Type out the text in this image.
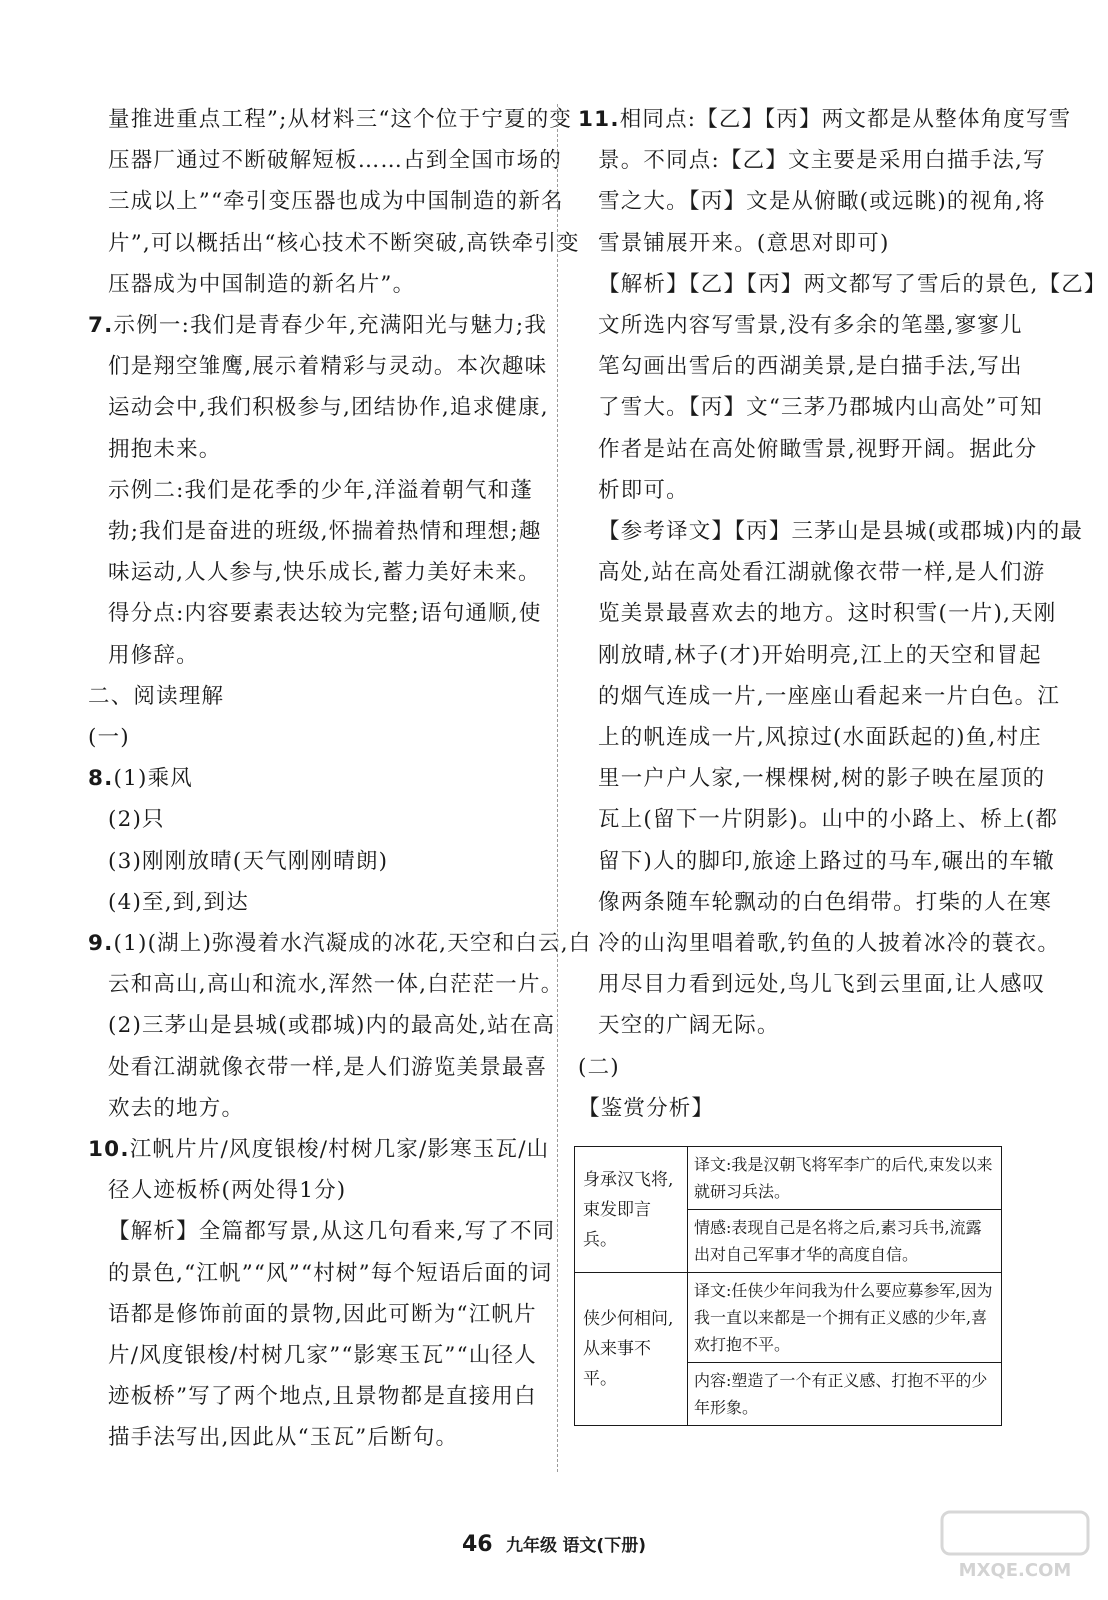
量推进重点工程”;从材料三“这个位于宁夏的变
压器厂通过不断破解短板……占到全国市场的
三成以上”“牵引变压器也成为中国制造的新名
片”,可以概括出“核心技术不断突破,高铁牵引变
压器成为中国制造的新名片”。
7.示例一:我们是青春少年,充满阳光与魅力;我
们是翔空雏鹰,展示着精彩与灵动。本次趣味
运动会中,我们积极参与,团结协作,追求健康,
拥抱未来。
示例二:我们是花季的少年,洋溢着朝气和蓬
勃;我们是奋进的班级,怀揣着热情和理想;趣
味运动,人人参与,快乐成长,蓄力美好未来。
得分点:内容要素表达较为完整;语句通顺,使
用修辞。
二、阅读理解
(一)
8.(1)乘风
(2)只
(3)刚刚放晴(天气刚刚晴朗)
(4)至,到,到达
9.(1)(湖上)弥漫着水汽凝成的冰花,天空和白云,白
云和高山,高山和流水,浑然一体,白茫茫一片。
(2)三茅山是县城(或郡城)内的最高处,站在高
处看江湖就像衣带一样,是人们游览美景最喜
欢去的地方。
10.江帆片片/风度银梭/村树几家/影寒玉瓦/山
径人迹板桥(两处得1分)
【解析】全篇都写景,从这几句看来,写了不同
的景色,“江帆”“风”“村树”每个短语后面的词
语都是修饰前面的景物,因此可断为“江帆片
片/风度银梭/村树几家”“影寒玉瓦”“山径人
迹板桥”写了两个地点,且景物都是直接用白
描手法写出,因此从“玉瓦”后断句。
11.相同点:【乙】【丙】两文都是从整体角度写雪
景。不同点:【乙】文主要是采用白描手法,写
雪之大。【丙】文是从俯瞰(或远眺)的视角,将
雪景铺展开来。(意思对即可)
【解析】【乙】【丙】两文都写了雪后的景色,【乙】
文所选内容写雪景,没有多余的笔墨,寥寥儿
笔勾画出雪后的西湖美景,是白描手法,写出
了雪大。【丙】文“三茅乃郡城内山高处”可知
作者是站在高处俯瞰雪景,视野开阔。据此分
析即可。
【参考译文】【丙】三茅山是县城(或郡城)内的最
高处,站在高处看江湖就像衣带一样,是人们游
览美景最喜欢去的地方。这时积雪(一片),天刚
刚放晴,林子(才)开始明亮,江上的天空和冒起
的烟气连成一片,一座座山看起来一片白色。江
上的帆连成一片,风掠过(水面跃起的)鱼,村庄
里一户户人家,一棵棵树,树的影子映在屋顶的
瓦上(留下一片阴影)。山中的小路上、桥上(都
留下)人的脚印,旅途上路过的马车,碾出的车辙
像两条随车轮飘动的白色绢带。打柴的人在寒
冷的山沟里唱着歌,钓鱼的人披着冰冷的蓑衣。
用尽目力看到远处,鸟儿飞到云里面,让人感叹
天空的广阔无际。
(二)
【鉴赏分析】
身承汉飞将,束发即言兵。	译文:我是汉朝飞将军李广的后代,束发以来就研习兵法。
	情感:表现自己是名将之后,素习兵书,流露出对自己军事才华的高度自信。
侠少何相问,从来事不平。	译文:任侠少年问我为什么要应募参军,因为我一直以来都是一个拥有正义感的少年,喜欢打抱不平。
	内容:塑造了一个有正义感、打抱不平的少年形象。
46 九年级 语文(下册)
MXQE.COM
